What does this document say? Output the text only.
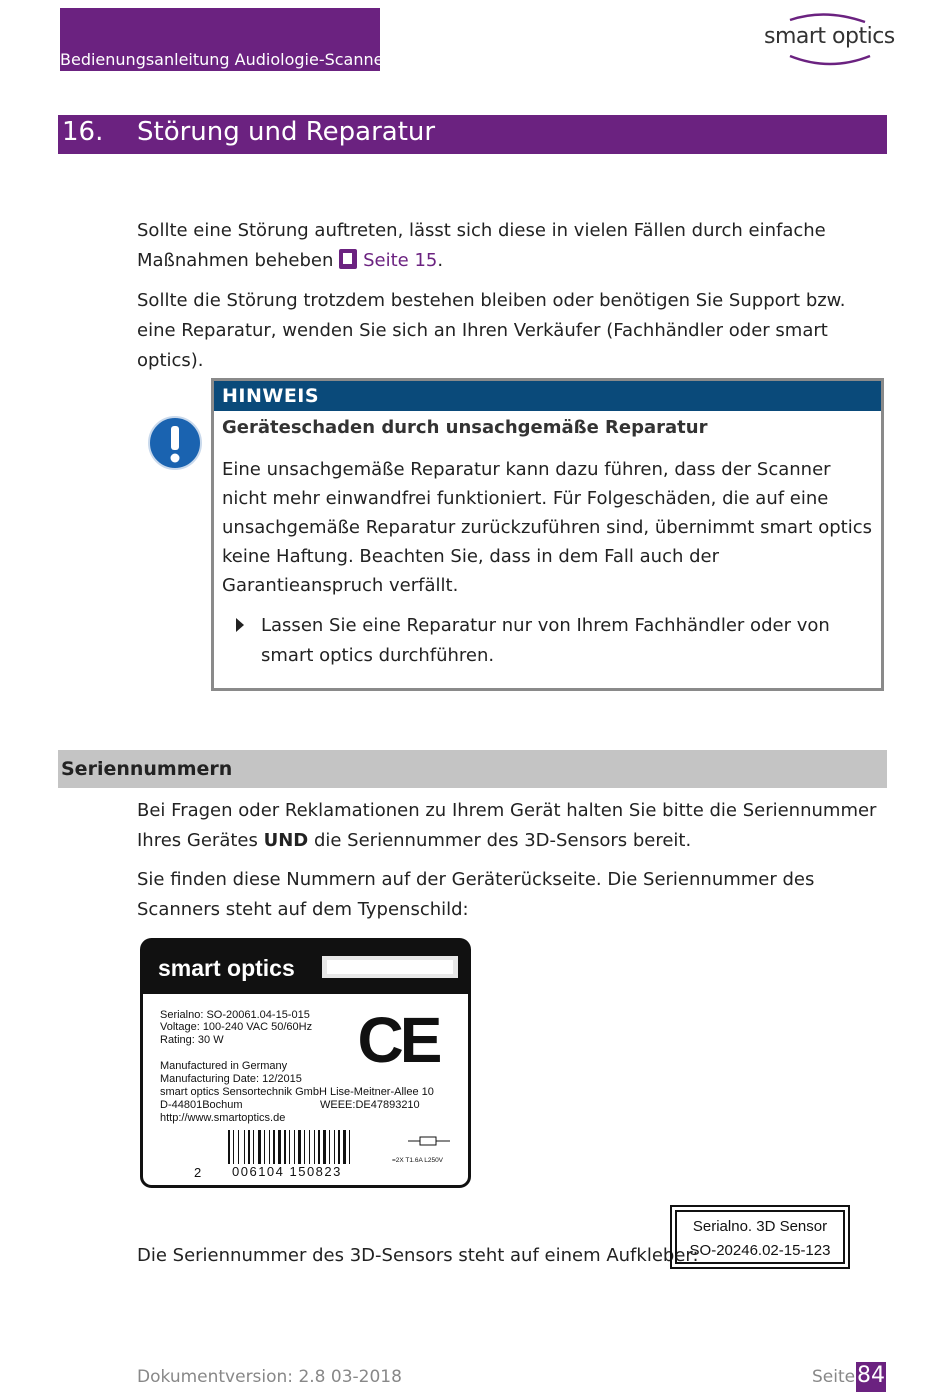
Bedienungsanleitung Audiologie-Scanner
smart optics
16. Störung und Reparatur
Sollte eine Störung auftreten, lässt sich diese in vielen Fällen durch einfache Maßnahmen beheben Seite 15.
Sollte die Störung trotzdem bestehen bleiben oder benötigen Sie Support bzw. eine Reparatur, wenden Sie sich an Ihren Verkäufer (Fachhändler oder smart optics).
HINWEIS
Geräteschaden durch unsachgemäße Reparatur
Eine unsachgemäße Reparatur kann dazu führen, dass der Scanner nicht mehr einwandfrei funktioniert. Für Folgeschäden, die auf eine unsachgemäße Reparatur zurückzuführen sind, übernimmt smart optics keine Haftung. Beachten Sie, dass in dem Fall auch der Garantieanspruch verfällt.
Lassen Sie eine Reparatur nur von Ihrem Fachhändler oder von smart optics durchführen.
Seriennummern
Bei Fragen oder Reklamationen zu Ihrem Gerät halten Sie bitte die Seriennummer Ihres Gerätes UND die Seriennummer des 3D-Sensors bereit.
Sie finden diese Nummern auf der Geräterückseite. Die Seriennummer des Scanners steht auf dem Typenschild:
smart optics
Serialno: SO-20061.04-15-015
Voltage: 100-240 VAC 50/60Hz
Rating: 30 W CE
Manufactured in Germany
Manufacturing Date: 12/2015
smart optics Sensortechnik GmbH Lise-Meitner-Allee 10
D-44801Bochum	WEEE:DE47893210
http://www.smartoptics.de
2 006104 150823
=2X T1.6A L250V
Die Seriennummer des 3D-Sensors steht auf einem Aufkleber:
Serialno. 3D Sensor
SO-20246.02-15-123
Dokumentversion: 2.8 03-2018	Seite 84
